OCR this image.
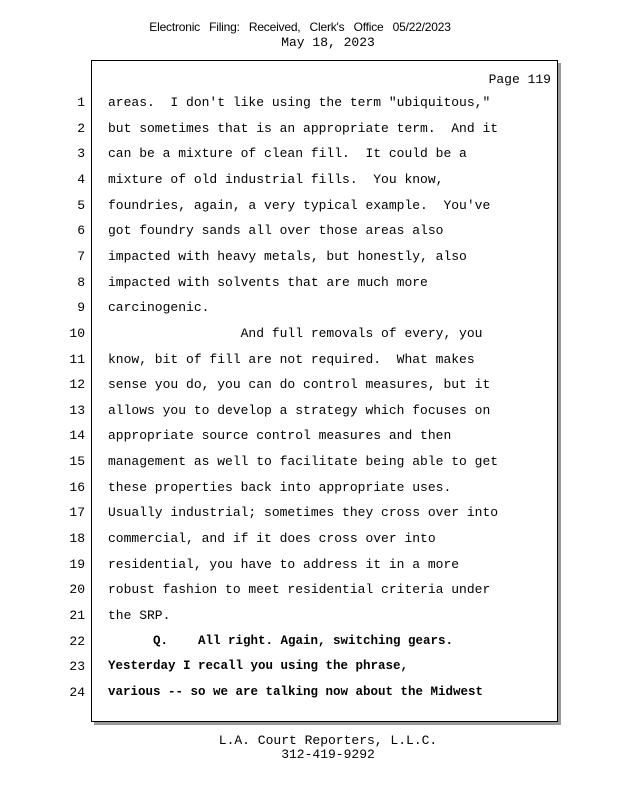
Electronic Filing: Received, Clerk's Office 05/22/2023
May 18, 2023
Page 119
1 areas.  I don't like using the term "ubiquitous,"
2 but sometimes that is an appropriate term.  And it
3 can be a mixture of clean fill.  It could be a
4 mixture of old industrial fills.  You know,
5 foundries, again, a very typical example.  You've
6 got foundry sands all over those areas also
7 impacted with heavy metals, but honestly, also
8 impacted with solvents that are much more
9 carcinogenic.
10 And full removals of every, you
11 know, bit of fill are not required.  What makes
12 sense you do, you can do control measures, but it
13 allows you to develop a strategy which focuses on
14 appropriate source control measures and then
15 management as well to facilitate being able to get
16 these properties back into appropriate uses.
17 Usually industrial; sometimes they cross over into
18 commercial, and if it does cross over into
19 residential, you have to address it in a more
20 robust fashion to meet residential criteria under
21 the SRP.
22 Q.    All right. Again, switching gears.
23 Yesterday I recall you using the phrase,
24 various -- so we are talking now about the Midwest
L.A. Court Reporters, L.L.C.
312-419-9292
